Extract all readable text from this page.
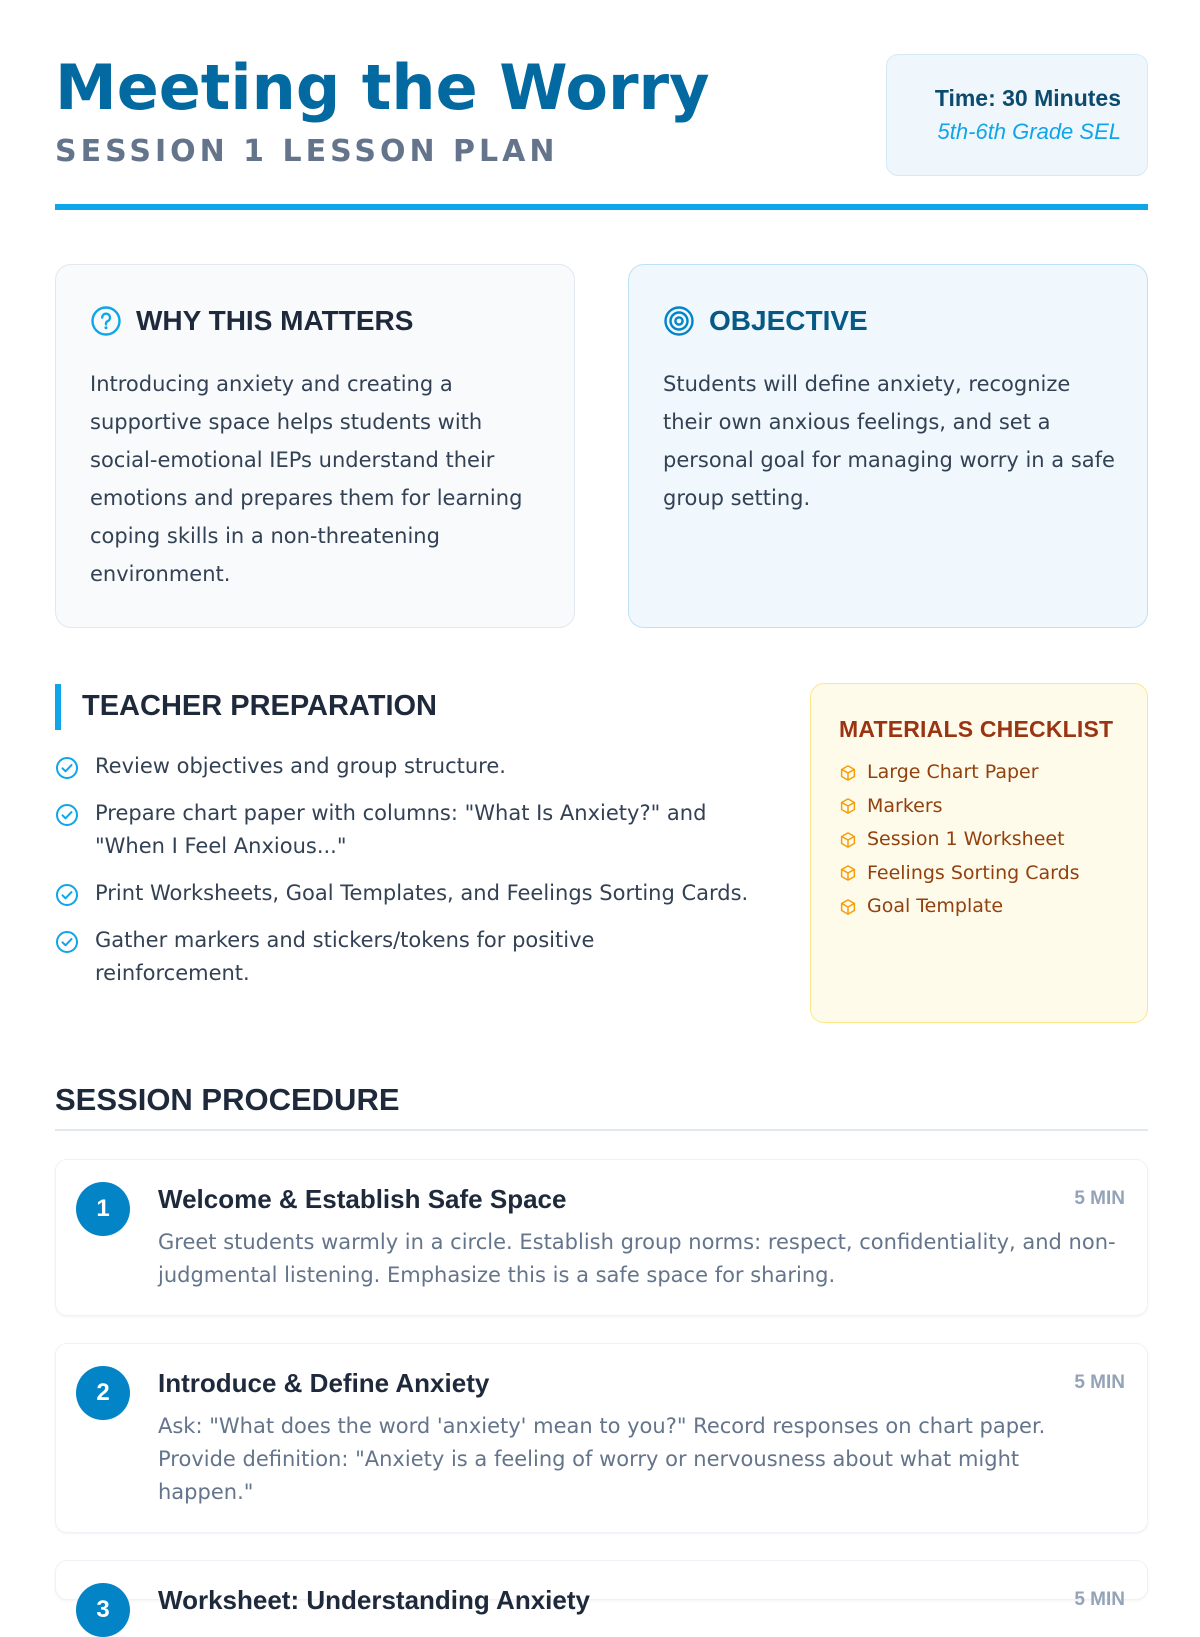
Meeting the Worry
SESSION 1 LESSON PLAN
Time: 30 Minutes
5th-6th Grade SEL
WHY THIS MATTERS

Introducing anxiety and creating a supportive space helps students with social-emotional IEPs understand their emotions and prepares them for learning coping skills in a non-threatening environment.

OBJECTIVE

Students will define anxiety, recognize their own anxious feelings, and set a personal goal for managing worry in a safe group setting.

TEACHER PREPARATION
Review objectives and group structure.
Prepare chart paper with columns: "What Is Anxiety?" and "When I Feel Anxious..."
Print Worksheets, Goal Templates, and Feelings Sorting Cards.
Gather markers and stickers/tokens for positive reinforcement.
MATERIALS CHECKLIST
Large Chart Paper
Markers
Session 1 Worksheet
Feelings Sorting Cards
Goal Template
SESSION PROCEDURE
1	Welcome & Establish Safe Space	5 MIN

Greet students warmly in a circle. Establish group norms: respect, confidentiality, and non-judgmental listening. Emphasize this is a safe space for sharing.

2	Introduce & Define Anxiety	5 MIN

Ask: "What does the word 'anxiety' mean to you?" Record responses on chart paper. Provide definition: "Anxiety is a feeling of worry or nervousness about what might happen."

3	Worksheet: Understanding Anxiety	5 MIN
